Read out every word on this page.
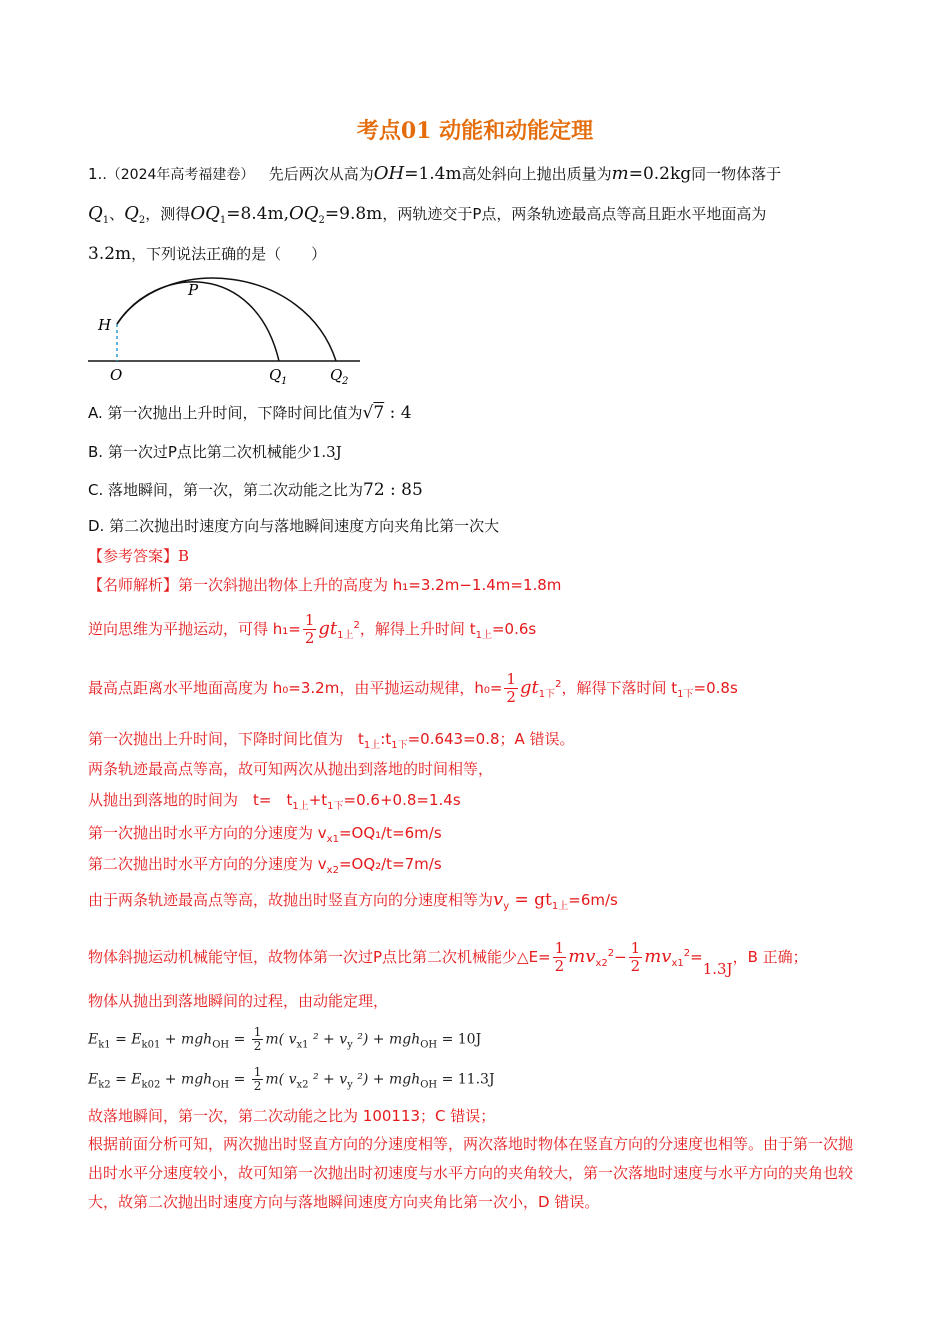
考点01 动能和动能定理
1..（2024年高考福建卷） 先后两次从高为OH=1.4m高处斜向上抛出质量为m=0.2kg同一物体落于
$Q_1$、$Q_2$，测得$OQ_1=8.4m,OQ_2=9.8m$，两轨迹交于P点，两条轨迹最高点等高且距水平地面高为
3.2m，下列说法正确的是（　　）
H
P
O	Q 1	Q 2
A. 第一次抛出上升时间，下降时间比值为√7 : 4
B. 第一次过P点比第二次机械能少1.3J
C. 落地瞬间，第一次，第二次动能之比为72 : 85
D. 第二次抛出时速度方向与落地瞬间速度方向夹角比第一次大
【参考答案】B
【名师解析】第一次斜抛出物体上升的高度为 h₁=3.2m−1.4m=1.8m
逆向思维为平抛运动，可得 $h_1= \frac{1}{2} gt_{1上}^2$，解得上升时间 $t_{1上}=0.6s$
最高点距离水平地面高度为 h₀=3.2m，由平抛运动规律，$h_0= \frac{1}{2} gt_{1下}^2$，解得下落时间 $t_{1下}=0.8s$
第一次抛出上升时间，下降时间比值为　$t_{1上}:t_{1下}=0.643=0.8$；A 错误。
两条轨迹最高点等高，故可知两次从抛出到落地的时间相等，
从抛出到落地的时间为　t=　$t_{1上}+t_{1下}=0.6+0.8=1.4s$
第一次抛出时水平方向的分速度为 $v_{x1}=OQ_1/t=6m/s$
第二次抛出时水平方向的分速度为 $v_{x2}=OQ_2/t=7m/s$
由于两条轨迹最高点等高，故抛出时竖直方向的分速度相等为$v_y = gt_{1上}=6m/s$
物体斜抛运动机械能守恒，故物体第一次过P点比第二次机械能少△E= $\frac{1}{2} mv_{x2}^2- \frac{1}{2} mv_{x1}^2=1.3J$，B 正确；
物体从抛出到落地瞬间的过程，由动能定理，
$E_{k1} = E_{k01} + mgh_{OH} = \frac{1}{2} m$( $v_{x1}$ $^2 + v_y$ ²) + mgh$_{OH}$ = 10J
$E_{k2} = E_{k02} + mgh_{OH} = \frac{1}{2} m$( $v_{x2}$ $^2 + v_y$ ²) + mgh$_{OH}$ = 11.3J
故落地瞬间，第一次，第二次动能之比为 100113；C 错误；
根据前面分析可知，两次抛出时竖直方向的分速度相等，两次落地时物体在竖直方向的分速度也相等。由于第一次抛出时水平分速度较小，故可知第一次抛出时初速度与水平方向的夹角较大，第一次落地时速度与水平方向的夹角也较大，故第二次抛出时速度方向与落地瞬间速度方向夹角比第一次小，D 错误。
